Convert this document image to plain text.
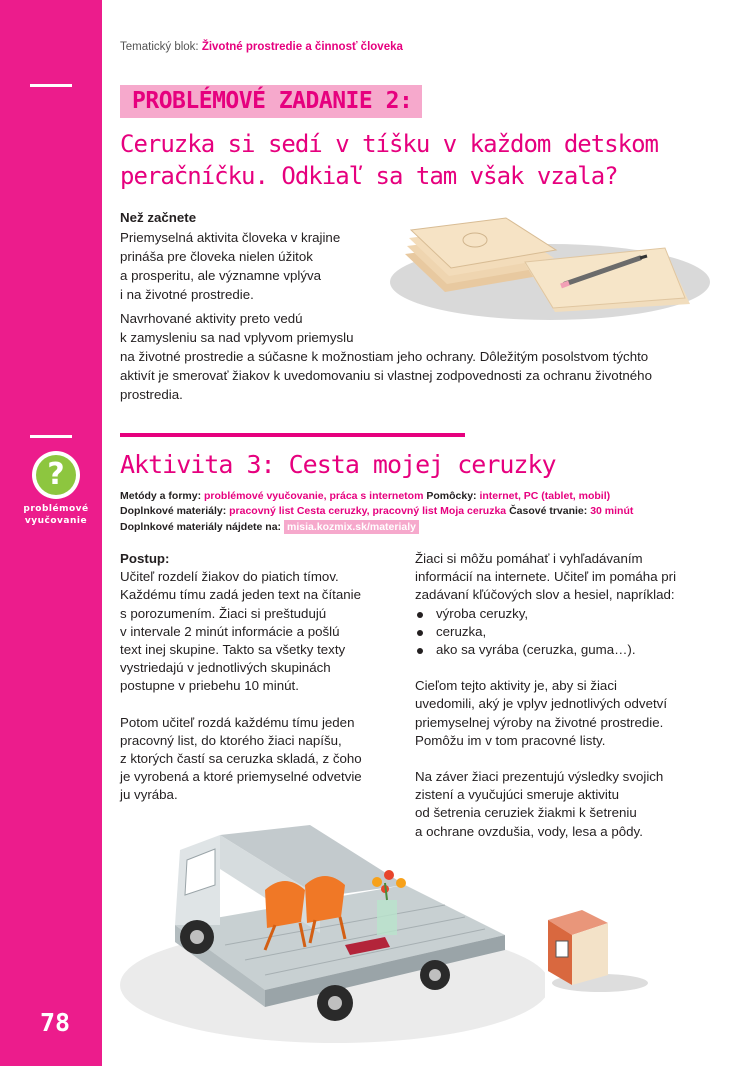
?
problémové
vyučovanie
78
Tematický blok: Životné prostredie a činnosť človeka
PROBLÉMOVÉ ZADANIE 2:
Ceruzka si sedí v tíšku v každom detskom peračníčku. Odkiaľ sa tam však vzala?
Než začnete
Priemyselná aktivita človeka v krajine
prináša pre človeka nielen úžitok
a prosperitu, ale významne vplýva
i na životné prostredie.
Navrhované aktivity preto vedú
k zamysleniu sa nad vplyvom priemyslu
na životné prostredie a súčasne k možnostiam jeho ochrany. Dôležitým posolstvom týchto
aktivít je smerovať žiakov k uvedomovaniu si vlastnej zodpovednosti za ochranu životného
prostredia.
Aktivita 3: Cesta mojej ceruzky
Metódy a formy: problémové vyučovanie, práca s internetom Pomôcky: internet, PC (tablet, mobil)
Doplnkové materiály: pracovný list Cesta ceruzky, pracovný list Moja ceruzka Časové trvanie: 30 minút
Doplnkové materiály nájdete na: misia.kozmix.sk/materialy
Postup:
Učiteľ rozdelí žiakov do piatich tímov.
Každému tímu zadá jeden text na čítanie
s porozumením. Žiaci si preštudujú
v intervale 2 minút informácie a pošlú
text inej skupine. Takto sa všetky texty
vystriedajú v jednotlivých skupinách
postupne v priebehu 10 minút.
Potom učiteľ rozdá každému tímu jeden
pracovný list, do ktorého žiaci napíšu,
z ktorých častí sa ceruzka skladá, z čoho
je vyrobená a ktoré priemyselné odvetvie
ju vyrába.
Žiaci si môžu pomáhať i vyhľadávaním
informácií na internete. Učiteľ im pomáha pri
zadávaní kľúčových slov a hesiel, napríklad:
výroba ceruzky,
ceruzka,
ako sa vyrába (ceruzka, guma…).
Cieľom tejto aktivity je, aby si žiaci
uvedomili, aký je vplyv jednotlivých odvetví
priemyselnej výroby na životné prostredie.
Pomôžu im v tom pracovné listy.
Na záver žiaci prezentujú výsledky svojich
zistení a vyučujúci smeruje aktivitu
od šetrenia ceruziek žiakmi k šetreniu
a ochrane ovzdušia, vody, lesa a pôdy.
